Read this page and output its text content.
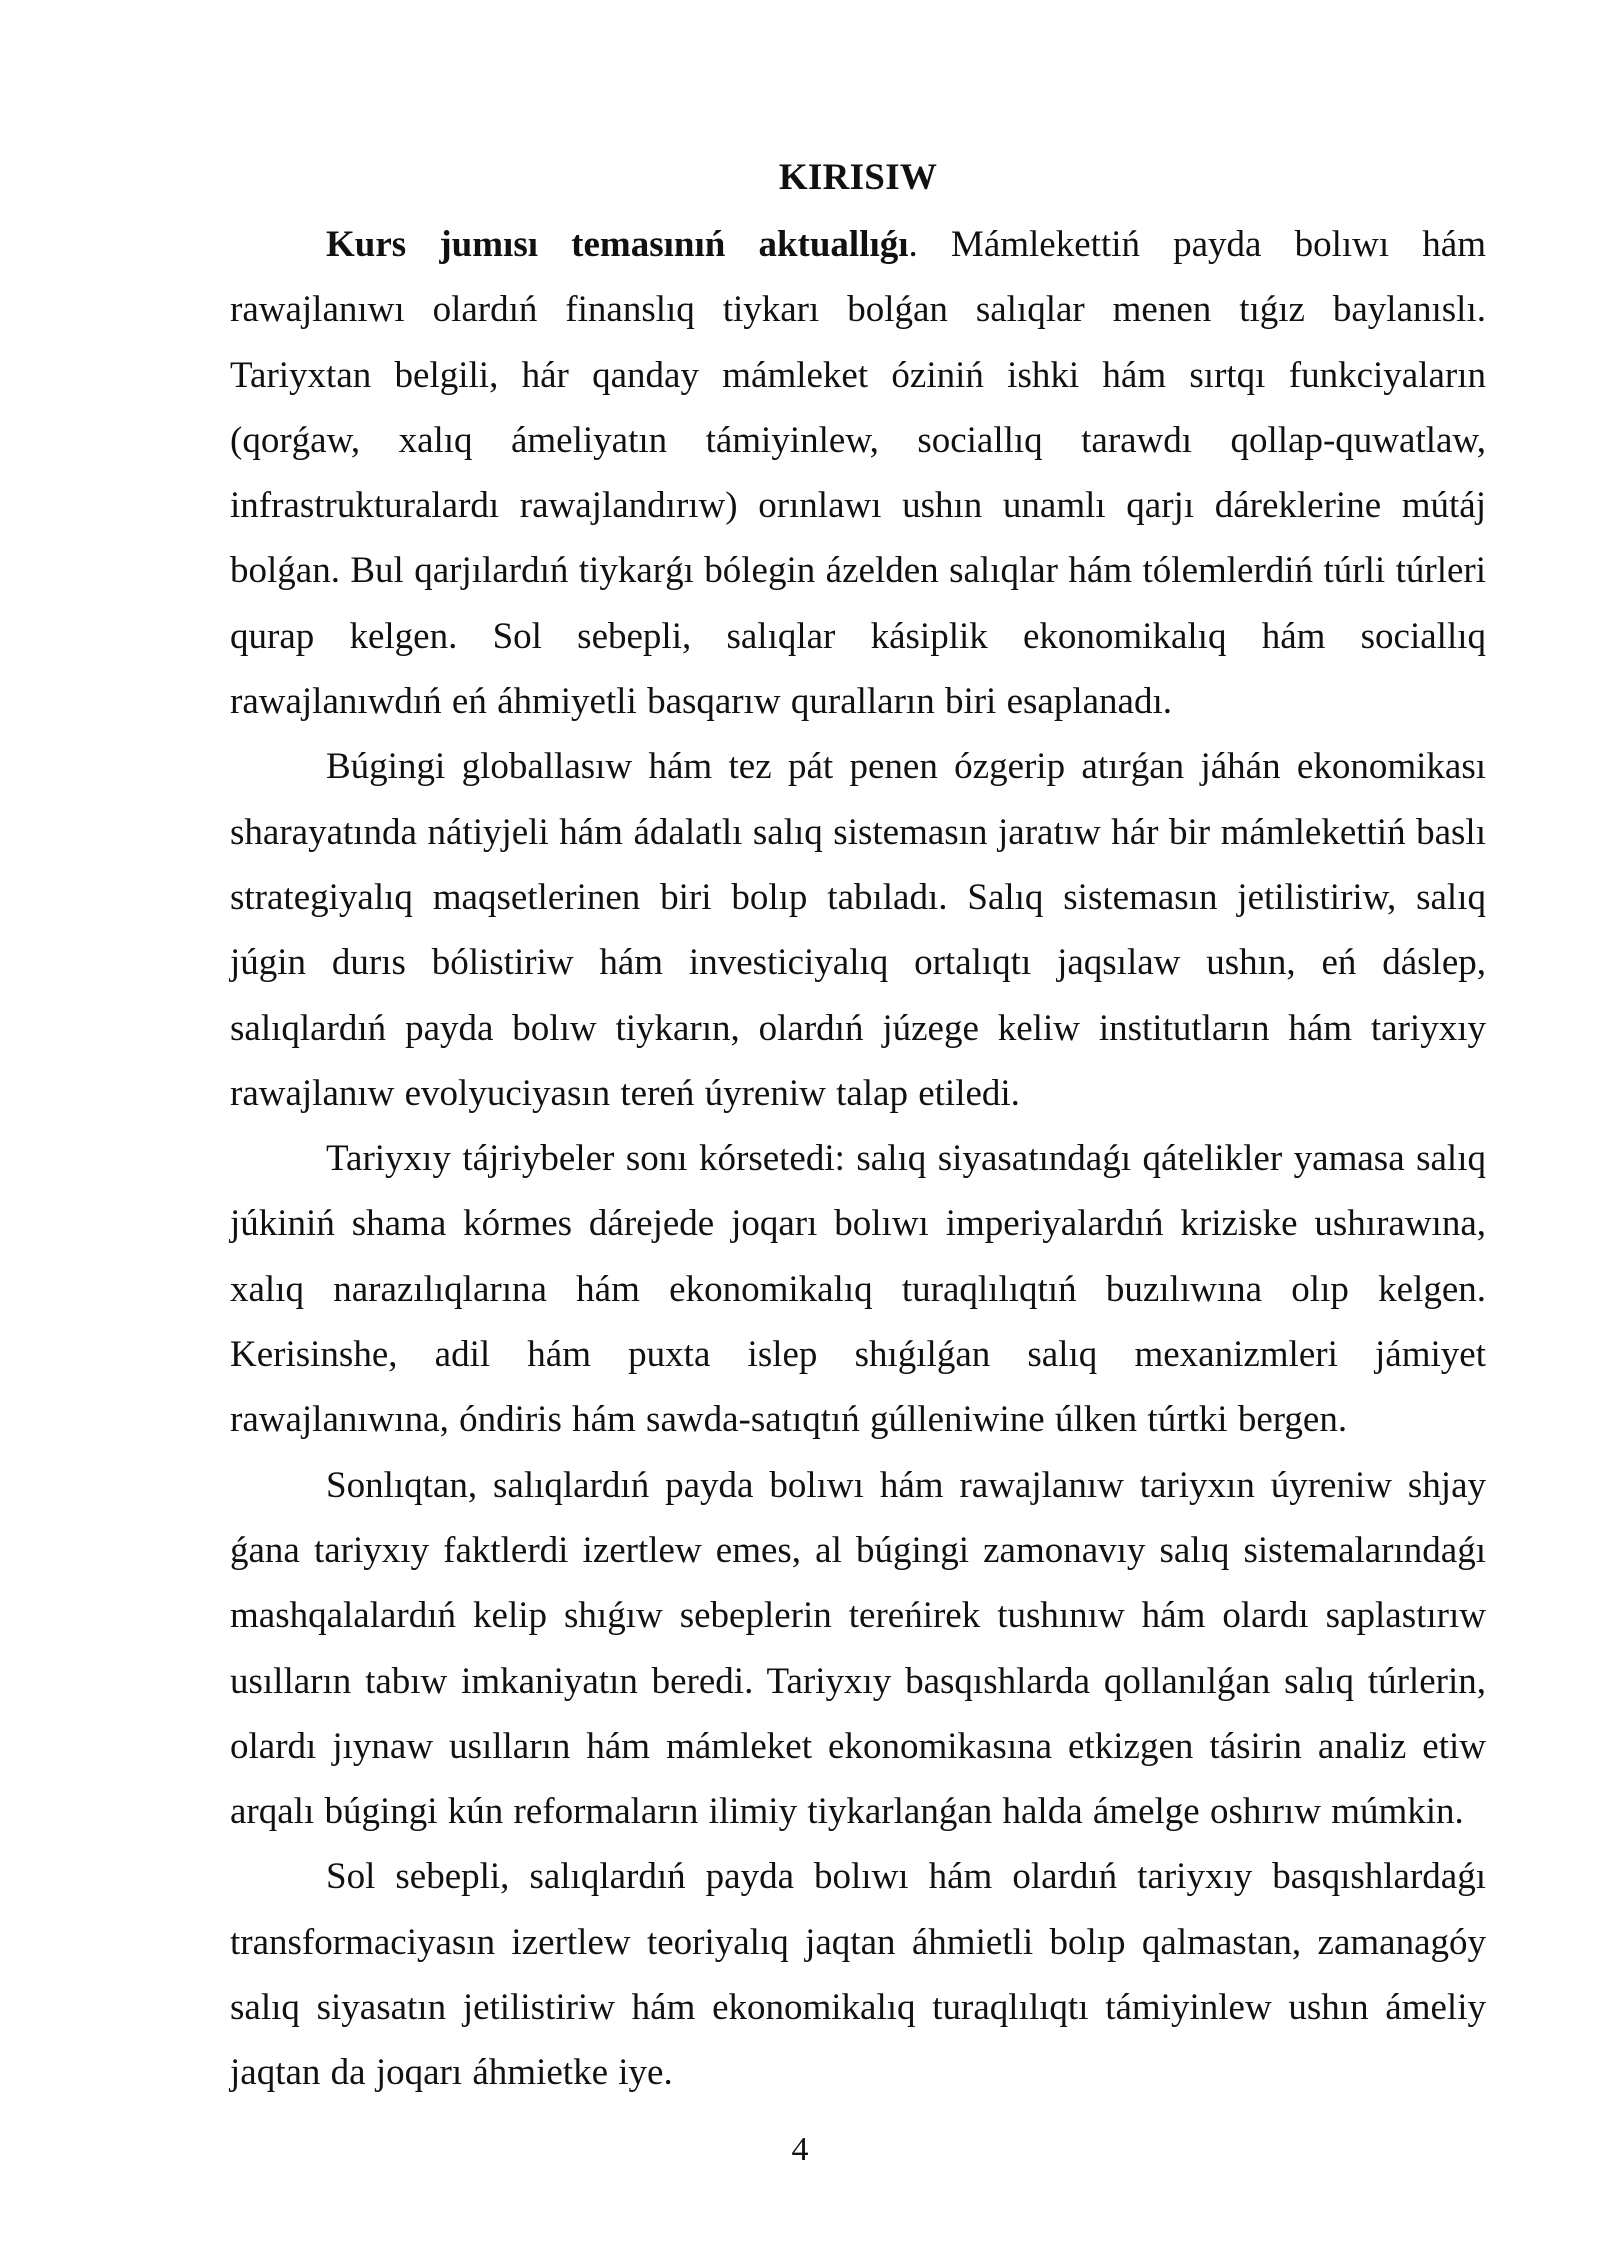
KIRISIW

Kurs jumısı temasınıń aktuallıǵı. Mámlekettiń payda bolıwı hám rawajlanıwı olardıń finanslıq tiykarı bolǵan salıqlar menen tıǵız baylanıslı. Tariyxtan belgili, hár qanday mámleket óziniń ishki hám sırtqı funkciyaların (qorǵaw, xalıq ámeliyatın támiyinlew, sociallıq tarawdı qollap-quwatlaw, infrastrukturalardı rawajlandırıw) orınlawı ushın unamlı qarjı dáreklerine mútáj bolǵan. Bul qarjılardıń tiykarǵı bólegin ázelden salıqlar hám tólemlerdiń túrli túrleri qurap kelgen. Sol sebepli, salıqlar kásiplik ekonomikalıq hám sociallıq rawajlanıwdıń eń áhmiyetli basqarıw quralların biri esaplanadı.

Búgingi globallasıw hám tez pát penen ózgerip atırǵan jáhán ekonomikası sharayatında nátiyjeli hám ádalatlı salıq sistemasın jaratıw hár bir mámlekettiń baslı strategiyalıq maqsetlerinen biri bolıp tabıladı. Salıq sistemasın jetilistiriw, salıq júgin durıs bólistiriw hám investiciyalıq ortalıqtı jaqsılaw ushın, eń dáslep, salıqlardıń payda bolıw tiykarın, olardıń júzege keliw institutların hám tariyxıy rawajlanıw evolyuciyasın tereń úyreniw talap etiledi.

Tariyxıy tájriybeler sonı kórsetedi: salıq siyasatındaǵı qátelikler yamasa salıq júkiniń shama kórmes dárejede joqarı bolıwı imperiyalardıń kriziske ushırawına, xalıq narazılıqlarına hám ekonomikalıq turaqlılıqtıń buzılıwına olıp kelgen. Kerisinshe, adil hám puxta islep shıǵılǵan salıq mexanizmleri jámiyet rawajlanıwına, óndiris hám sawda-satıqtıń gúlleniwine úlken túrtki bergen.

Sonlıqtan, salıqlardıń payda bolıwı hám rawajlanıw tariyxın úyreniw shjay ǵana tariyxıy faktlerdi izertlew emes, al búgingi zamonavıy salıq sistemalarındaǵı mashqalalardıń kelip shıǵıw sebeplerin tereńirek tushınıw hám olardı saplastırıw usılların tabıw imkaniyatın beredi. Tariyxıy basqıshlarda qollanılǵan salıq túrlerin, olardı jıynaw usılların hám mámleket ekonomikasına etkizgen tásirin analiz etiw arqalı búgingi kún reformaların ilimiy tiykarlanǵan halda ámelge oshırıw múmkin.

Sol sebepli, salıqlardıń payda bolıwı hám olardıń tariyxıy basqıshlardaǵı transformaciyasın izertlew teoriyalıq jaqtan áhmietli bolıp qalmastan, zamanagóy salıq siyasatın jetilistiriw hám ekonomikalıq turaqlılıqtı támiyinlew ushın ámeliy jaqtan da joqarı áhmietke iye.

4
